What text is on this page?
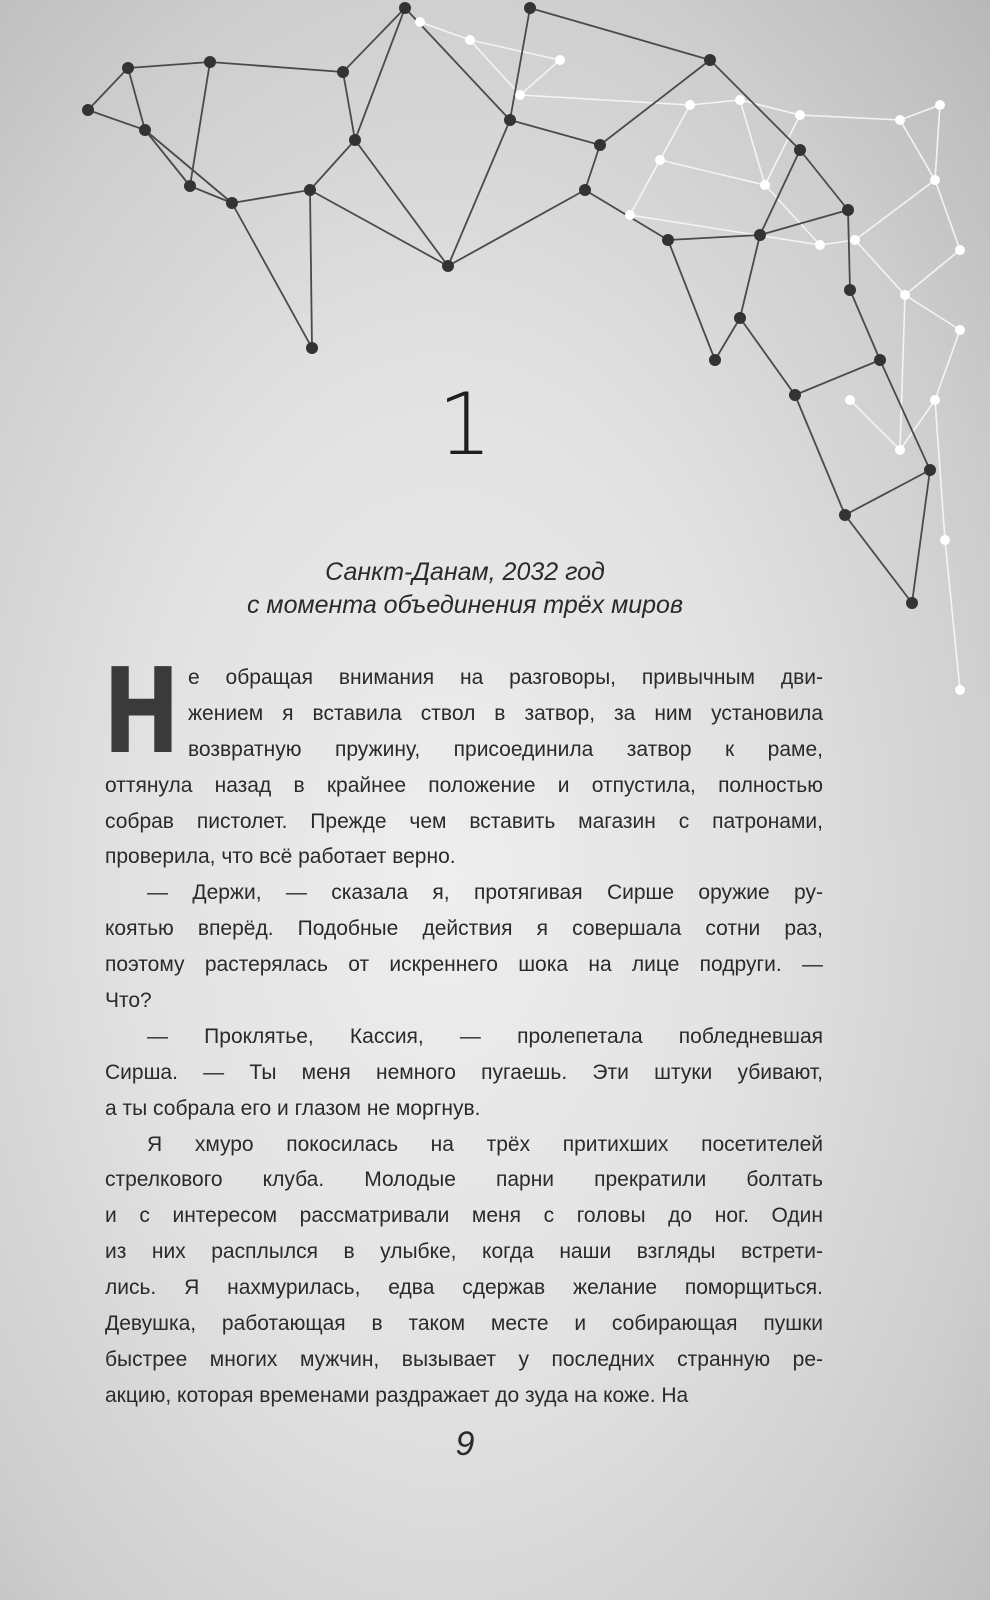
1
Санкт-Данам, 2032 год
с момента объединения трёх миров
Н е обращая внимания на разговоры, привычным дви-
жением я вставила ствол в затвор, за ним установила
возвратную пружину, присоединила затвор к раме,
оттянула назад в крайнее положение и отпустила, полностью
собрав пистолет. Прежде чем вставить магазин с патронами,
проверила, что всё работает верно.
— Держи, — сказала я, протягивая Сирше оружие ру-
коятью вперёд. Подобные действия я совершала сотни раз,
поэтому растерялась от искреннего шока на лице подруги. —
Что?
— Проклятье, Кассия, — пролепетала побледневшая
Сирша. — Ты меня немного пугаешь. Эти штуки убивают,
а ты собрала его и глазом не моргнув.
Я хмуро покосилась на трёх притихших посетителей
стрелкового клуба. Молодые парни прекратили болтать
и с интересом рассматривали меня с головы до ног. Один
из них расплылся в улыбке, когда наши взгляды встрети-
лись. Я нахмурилась, едва сдержав желание поморщиться.
Девушка, работающая в таком месте и собирающая пушки
быстрее многих мужчин, вызывает у последних странную ре-
акцию, которая временами раздражает до зуда на коже. На
9
